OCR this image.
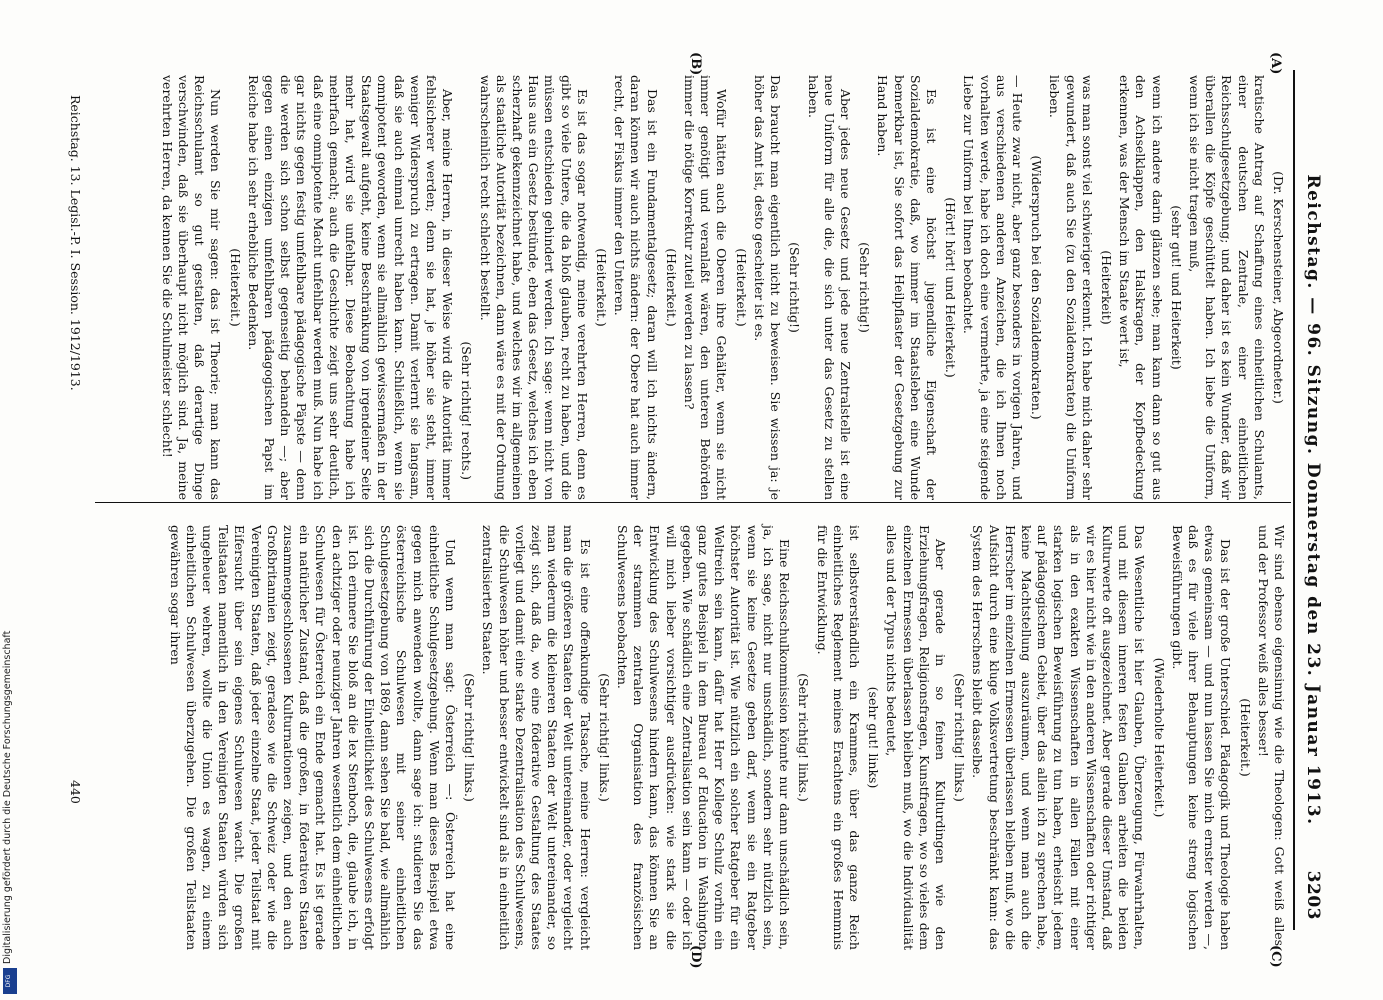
Reichstag. — 96. Sitzung. Donnerstag den 23. Januar 1913.
3203
(A)
(B)
(C)
(D)
(Dr. Kerschensteiner, Abgeordneter.)

kratische Antrag auf Schaffung eines einheitlichen Schulamts, einer deutschen Zentrale, einer einheitlichen Reichsschulgesetzgebung; und daher ist es kein Wunder, daß wir überallen die Köpfe geschüttelt haben. Ich liebe die Uniform, wenn ich sie nicht tragen muß,

(sehr gut! und Heiterkeit)

wenn ich andere darin glänzen sehe; man kann dann so gut aus den Achselklappen, den Halskragen, der Kopfbedeckung erkennen, was der Mensch im Staate wert ist,

(Heiterkeit)

was man sonst viel schwieriger erkennt. Ich habe mich daher sehr gewundert, daß auch Sie (zu den Sozialdemokraten) die Uniform lieben.

(Widerspruch bei den Sozialdemokraten.)

— Heute zwar nicht, aber ganz besonders in vorigen Jahren, und aus verschiedenen anderen Anzeichen, die ich Ihnen noch vorhalten werde, habe ich doch eine vermehrte, ja eine steigende Liebe zur Uniform bei Ihnen beobachtet.

(Hört! hört! und Heiterkeit.)

Es ist eine höchst jugendliche Eigenschaft der Sozialdemokratie, daß, wo immer im Staatsleben eine Wunde bemerkbar ist, Sie sofort das Heilpflaster der Gesetzgebung zur Hand haben.

(Sehr richtig!)

Aber jedes neue Gesetz und jede neue Zentralstelle ist eine neue Uniform für alle die, die sich unter das Gesetz zu stellen haben.

(Sehr richtig!)

Das braucht man eigentlich nicht zu beweisen. Sie wissen ja: je höher das Amt ist, desto gescheiter ist es.

(Heiterkeit.)

Wofür hätten auch die Oberen ihre Gehälter, wenn sie nicht immer genötigt und veranlaßt wären, den unteren Behörden immer die nötige Korrektur zuteil werden zu lassen?

(Heiterkeit.)

Das ist ein Fundamentalgesetz; daran will ich nichts ändern, daran können wir auch nichts ändern: der Obere hat auch immer recht, der Fiskus immer den Unteren.

(Heiterkeit.)

Es ist das sogar notwendig, meine verehrten Herren, denn es gibt so viele Untere, die da bloß glauben, recht zu haben, und die müssen entschieden gehindert werden. Ich sage: wenn nicht von Haus aus ein Gesetz bestünde, eben das Gesetz, welches ich eben scherzhaft gekennzeichnet habe, und welches wir im allgemeinen als staatliche Autorität bezeichnen, dann wäre es mit der Ordnung wahrscheinlich recht schlecht bestellt.

(Sehr richtig! rechts.)

Aber, meine Herren, in dieser Weise wird die Autorität immer fehlsicherer werden; denn sie hat, je höher sie steht, immer weniger Widerspruch zu ertragen. Damit verlernt sie langsam, daß sie auch einmal unrecht haben kann. Schließlich, wenn sie omnipotent geworden, wenn sie allmählich gewissermaßen in der Staatsgewalt aufgeht, keine Beschränkung von irgendeiner Seite mehr hat, wird sie unfehlbar. Diese Beobachtung habe ich mehrfach gemacht; auch die Geschichte zeigt uns sehr deutlich, daß eine omnipotente Macht unfehlbar werden muß. Nun habe ich gar nichts gegen festig umfehlbare pädagogische Päpste — denn die werden sich schon selbst gegenseitig behandeln —; aber gegen einen einzigen umfehlbaren pädagogischen Papst im Reiche habe ich sehr erhebliche Bedenken.

(Heiterkeit.)

Nun werden Sie mir sagen: das ist Theorie; man kann das Reichsschulamt so gut gestalten, daß derartige Dinge verschwinden, daß sie überhaupt nicht möglich sind. Ja, meine verehrten Herren, da kennen Sie die Schulmeister schlecht!

Wir sind ebenso eigensinnig wie die Theologen: Gott weiß alles, und der Professor weiß alles besser!

(Heiterkeit.)

Das ist der große Unterschied. Pädagogik und Theologie haben etwas gemeinsam — und nun lassen Sie mich ernster werden —, daß es für viele ihrer Behauptungen keine streng logischen Beweisführungen gibt.

(Wiederholte Heiterkeit.)

Das Wesentliche ist hier Glauben, Überzeugung, Fürwahrhalten, und mit diesem inneren festen Glauben arbeiten die beiden Kulturwerte oft ausgezeichnet. Aber gerade dieser Umstand, daß wir es hier nicht wie in den anderen Wissenschaften oder richtiger als in den exakten Wissenschaften in allen Fällen mit einer starken logischen Beweisführung zu tun haben, erheischt jedem auf pädagogischem Gebiet, über das allein ich zu sprechen habe, keine Machtstellung auszuräumen, und wenn man auch die Herrscher im einzelnen Ermessen überlassen bleiben muß, wo die Aufsicht durch eine kluge Volksvertretung beschränkt kann: das System des Herrschens bleibt dasselbe.

(Sehr richtig! links.)

Aber gerade in so feinen Kulturdingen wie den Erziehungsfragen, Religionsfragen, Kunstfragen, wo so vieles dem einzelnen Ermessen überlassen bleiben muß, wo die Individualität alles und der Typus nichts bedeutet,

(sehr gut! links)

ist selbstverständlich ein Krammes, über das ganze Reich einheitliches Reglement meines Erachtens ein großes Hemmnis für die Entwicklung.

(Sehr richtig! links.)

Eine Reichsschulkommission könnte nur dann unschädlich sein, ja, ich sage, nicht nur unschädlich, sondern sehr nützlich sein, wenn sie keine Gesetze geben darf, wenn sie ein Ratgeber höchster Autorität ist. Wie nützlich ein solcher Ratgeber für ein Weltreich sein kann, dafür hat Herr Kollege Schulz vorhin ein ganz gutes Beispiel in dem Bureau of Education in Washington gegeben. Wie schädlich eine Zentralisation sein kann — oder ich will mich lieber vorsichtiger ausdrücken: wie stark sie die Entwicklung des Schulwesens hindern kann, das können Sie an der strammen zentralen Organisation des französischen Schulwesens beobachten.

(Sehr richtig! links.)

Es ist eine offenkundige Tatsache, meine Herren: vergleicht man die größeren Staaten der Welt untereinander, oder vergleicht man wiederum die kleineren Staaten der Welt untereinander, so zeigt sich, daß da, wo eine föderative Gestaltung des Staates vorliegt und damit eine starke Dezentralisation des Schulwesens, die Schulwesen höher und besser entwickelt sind als in einheitlich zentralisierten Staaten.

(Sehr richtig! links.)

Und wenn man sagt: Österreich —: Österreich hat eine einheitliche Schulgesetzgebung. Wenn man dieses Beispiel etwa gegen mich anwenden wollte, dann sage ich: studieren Sie das österreichische Schulwesen mit seiner einheitlichen Schulgesetzgebung von 1869, dann sehen Sie bald, wie allmählich sich die Durchführung der Einheitlichkeit des Schulwesens erfolgt ist. Ich erinnere Sie bloß an die lex Stenboch, die, glaube ich, in den achtziger oder neunziger Jahren wesentlich dem einheitlichen Schulwesen für Österreich ein Ende gemacht hat. Es ist gerade ein natürlicher Zustand, daß die großen, in föderativen Staaten zusammengeschlossenen Kulturnationen zeigen, und den auch Großbritannien zeigt, geradeso wie die Schweiz oder wie die Vereinigten Staaten, daß jeder einzelne Staat, jeder Teilstaat mit Eifersucht über sein eigenes Schulwesen wacht. Die großen Teilstaaten namentlich in den Vereinigten Staaten würden sich ungeheuer wehren, wollte die Union es wagen, zu einem einheitlichen Schulwesen überzugehen. Die großen Teilstaaten gewähren sogar ihren

Reichstag. 13. Legisl.-P. I. Session. 1912/1913.
440
DFG
Digitalisierung gefördert durch die Deutsche Forschungsgemeinschaft
